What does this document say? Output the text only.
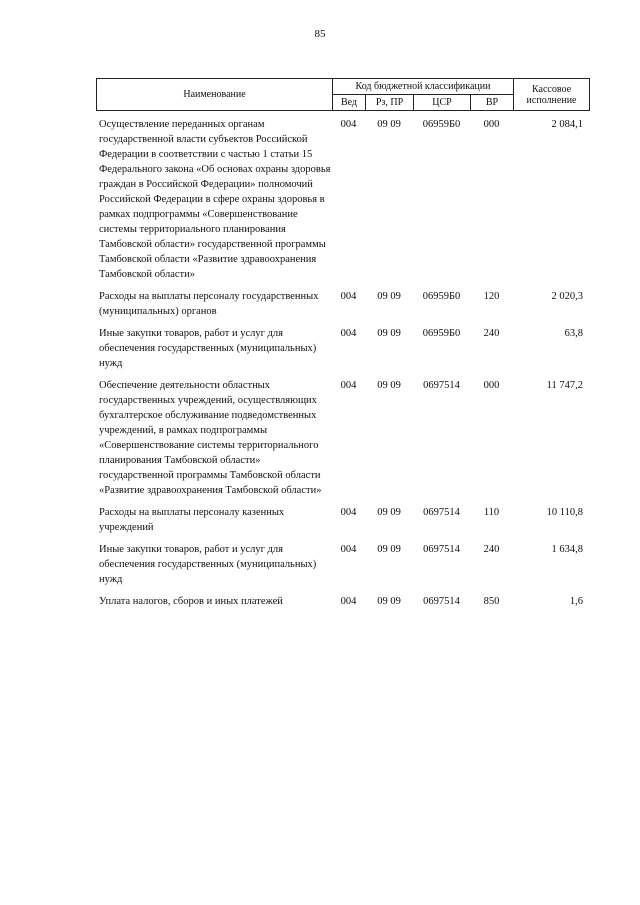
85
Наименование	Код бюджетной классификации				Кассовое
исполнение
	Вед	Рз, ПР	ЦСР	ВР	
Осуществление переданных органам государственной власти субъектов Российской Федерации в соответствии с частью 1 статьи 15 Федерального закона «Об основах охраны здоровья граждан в Российской Федерации» полномочий Российской Федерации в сфере охраны здоровья в рамках подпрограммы «Совершенствование системы территориального планирования Тамбовской области» государственной программы Тамбовской области «Развитие здравоохранения Тамбовской области»
004	09 09	06959Б0	000	2 084,1
Расходы на выплаты персоналу государственных (муниципальных) органов
004	09 09	06959Б0	120	2 020,3
Иные закупки товаров, работ и услуг для обеспечения государственных (муниципальных) нужд
004	09 09	06959Б0	240	63,8
Обеспечение деятельности областных государственных учреждений, осуществляющих бухгалтерское обслуживание подведомственных учреждений, в рамках подпрограммы «Совершенствование системы территориального планирования Тамбовской области» государственной программы Тамбовской области «Развитие здравоохранения Тамбовской области»
004	09 09	0697514	000	11 747,2
Расходы на выплаты персоналу казенных учреждений
004	09 09	0697514	110	10 110,8
Иные закупки товаров, работ и услуг для обеспечения государственных (муниципальных) нужд
004	09 09	0697514	240	1 634,8
Уплата налогов, сборов и иных платежей	004	09 09	0697514	850	1,6
